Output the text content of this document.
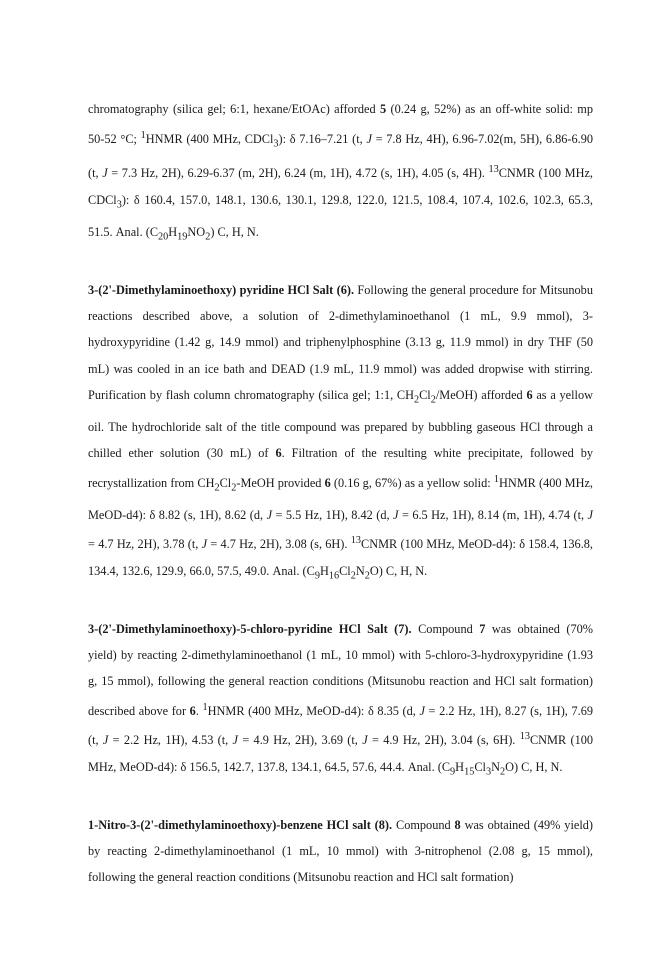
chromatography (silica gel; 6:1, hexane/EtOAc) afforded 5 (0.24 g, 52%) as an off-white solid: mp 50-52 °C; $^1$HNMR (400 MHz, CDCl$_3$): δ 7.16–7.21 (t, J = 7.8 Hz, 4H), 6.96-7.02(m, 5H), 6.86-6.90 (t, J = 7.3 Hz, 2H), 6.29-6.37 (m, 2H), 6.24 (m, 1H), 4.72 (s, 1H), 4.05 (s, 4H). $^{13}$CNMR (100 MHz, CDCl$_3$): δ 160.4, 157.0, 148.1, 130.6, 130.1, 129.8, 122.0, 121.5, 108.4, 107.4, 102.6, 102.3, 65.3, 51.5. Anal. $(C_{20}H_{19}NO_2)$ C, H, N.

3-(2'-Dimethylaminoethoxy) pyridine HCl Salt (6). Following the general procedure for Mitsunobu reactions described above, a solution of 2-dimethylaminoethanol (1 mL, 9.9 mmol), 3-hydroxypyridine (1.42 g, 14.9 mmol) and triphenylphosphine (3.13 g, 11.9 mmol) in dry THF (50 mL) was cooled in an ice bath and DEAD (1.9 mL, 11.9 mmol) was added dropwise with stirring. Purification by flash column chromatography (silica gel; 1:1, $CH_2Cl_2/MeOH$) afforded 6 as a yellow oil. The hydrochloride salt of the title compound was prepared by bubbling gaseous HCl through a chilled ether solution (30 mL) of 6. Filtration of the resulting white precipitate, followed by recrystallization from $CH_2Cl_2$-MeOH provided 6 (0.16 g, 67%) as a yellow solid: $^1$HNMR (400 MHz, MeOD-d4): δ 8.82 (s, 1H), 8.62 (d, J = 5.5 Hz, 1H), 8.42 (d, J = 6.5 Hz, 1H), 8.14 (m, 1H), 4.74 (t, J = 4.7 Hz, 2H), 3.78 (t, J = 4.7 Hz, 2H), 3.08 (s, 6H). $^{13}$CNMR (100 MHz, MeOD-d4): δ 158.4, 136.8, 134.4, 132.6, 129.9, 66.0, 57.5, 49.0. Anal. $(C_9H_{16}Cl_2N_2O)$ C, H, N.

3-(2'-Dimethylaminoethoxy)-5-chloro-pyridine HCl Salt (7). Compound 7 was obtained (70% yield) by reacting 2-dimethylaminoethanol (1 mL, 10 mmol) with 5-chloro-3-hydroxypyridine (1.93 g, 15 mmol), following the general reaction conditions (Mitsunobu reaction and HCl salt formation) described above for 6. $^1$HNMR (400 MHz, MeOD-d4): δ 8.35 (d, J = 2.2 Hz, 1H), 8.27 (s, 1H), 7.69 (t, J = 2.2 Hz, 1H), 4.53 (t, J = 4.9 Hz, 2H), 3.69 (t, J = 4.9 Hz, 2H), 3.04 (s, 6H). $^{13}$CNMR (100 MHz, MeOD-d4): δ 156.5, 142.7, 137.8, 134.1, 64.5, 57.6, 44.4. Anal. $(C_9H_{15}Cl_3N_2O)$ C, H, N.

1-Nitro-3-(2'-dimethylaminoethoxy)-benzene HCl salt (8). Compound 8 was obtained (49% yield) by reacting 2-dimethylaminoethanol (1 mL, 10 mmol) with 3-nitrophenol (2.08 g, 15 mmol), following the general reaction conditions (Mitsunobu reaction and HCl salt formation)
